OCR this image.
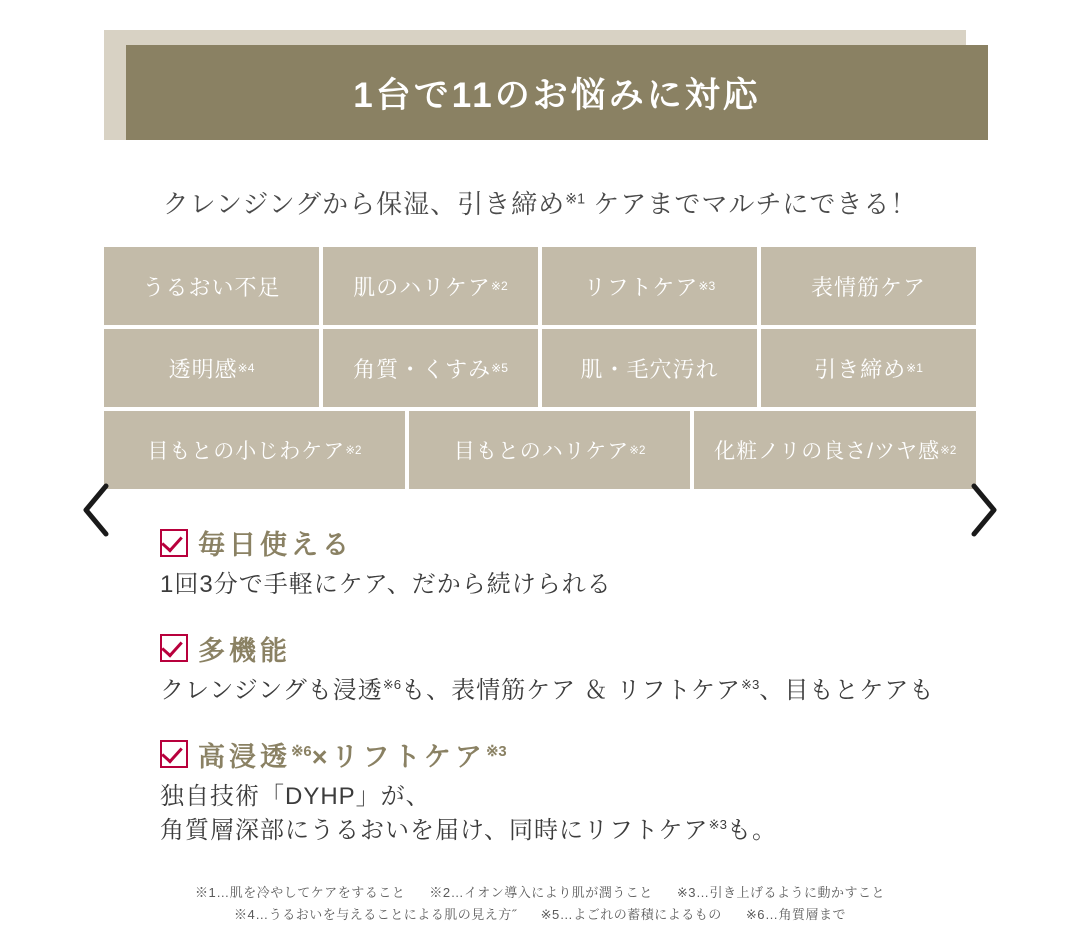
1台で11のお悩みに対応
クレンジングから保湿、引き締め$^{※1}$ ケアまでマルチにできる！
うるおい不足	肌のハリケア ※2	リフトケア ※3	表情筋ケア
透明感 ※4	角質・くすみ ※5	肌・毛穴汚れ	引き締め ※1
目もとの小じわケア ※2	目もとのハリケア ※2	化粧ノリの良さ/ツヤ感 ※2
毎日使える
1回3分で手軽にケア、だから続けられる
多機能
クレンジングも浸透$^{※6}$も、表情筋ケア ＆ リフトケア$^{※3}$、目もとケアも
高浸透$^{※6}$×リフトケア$^{※3}$
独自技術「DYHP」が、
角質層深部にうるおいを届け、同時にリフトケア$^{※3}$も。
※1…肌を冷やしてケアをすること ※2…イオン導入により肌が潤うこと ※3…引き上げるように動かすこと
※4…うるおいを与えることによる肌の見え方˝ ※5…よごれの蓄積によるもの ※6…角質層まで
